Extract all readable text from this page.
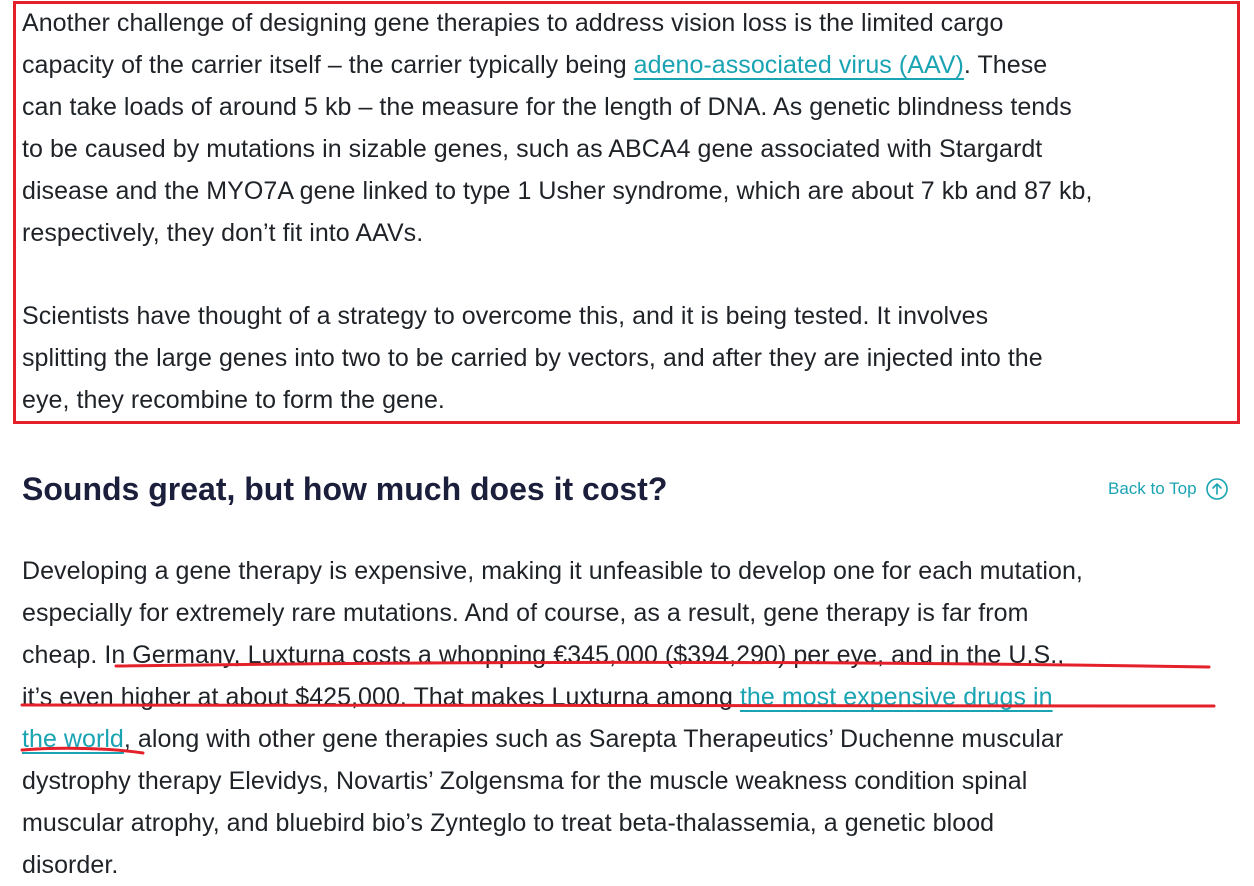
Another challenge of designing gene therapies to address vision loss is the limited cargo
capacity of the carrier itself – the carrier typically being adeno-associated virus (AAV). These
can take loads of around 5 kb – the measure for the length of DNA. As genetic blindness tends
to be caused by mutations in sizable genes, such as ABCA4 gene associated with Stargardt
disease and the MYO7A gene linked to type 1 Usher syndrome, which are about 7 kb and 87 kb,
respectively, they don’t fit into AAVs.

Scientists have thought of a strategy to overcome this, and it is being tested. It involves
splitting the large genes into two to be carried by vectors, and after they are injected into the
eye, they recombine to form the gene.

Sounds great, but how much does it cost?	Back to Top

Developing a gene therapy is expensive, making it unfeasible to develop one for each mutation,
especially for extremely rare mutations. And of course, as a result, gene therapy is far from
cheap. In Germany, Luxturna costs a whopping €345,000 ($394,290) per eye, and in the U.S.,
it’s even higher at about $425,000. That makes Luxturna among the most expensive drugs in
the world, along with other gene therapies such as Sarepta Therapeutics’ Duchenne muscular
dystrophy therapy Elevidys, Novartis’ Zolgensma for the muscle weakness condition spinal
muscular atrophy, and bluebird bio’s Zynteglo to treat beta-thalassemia, a genetic blood
disorder.
